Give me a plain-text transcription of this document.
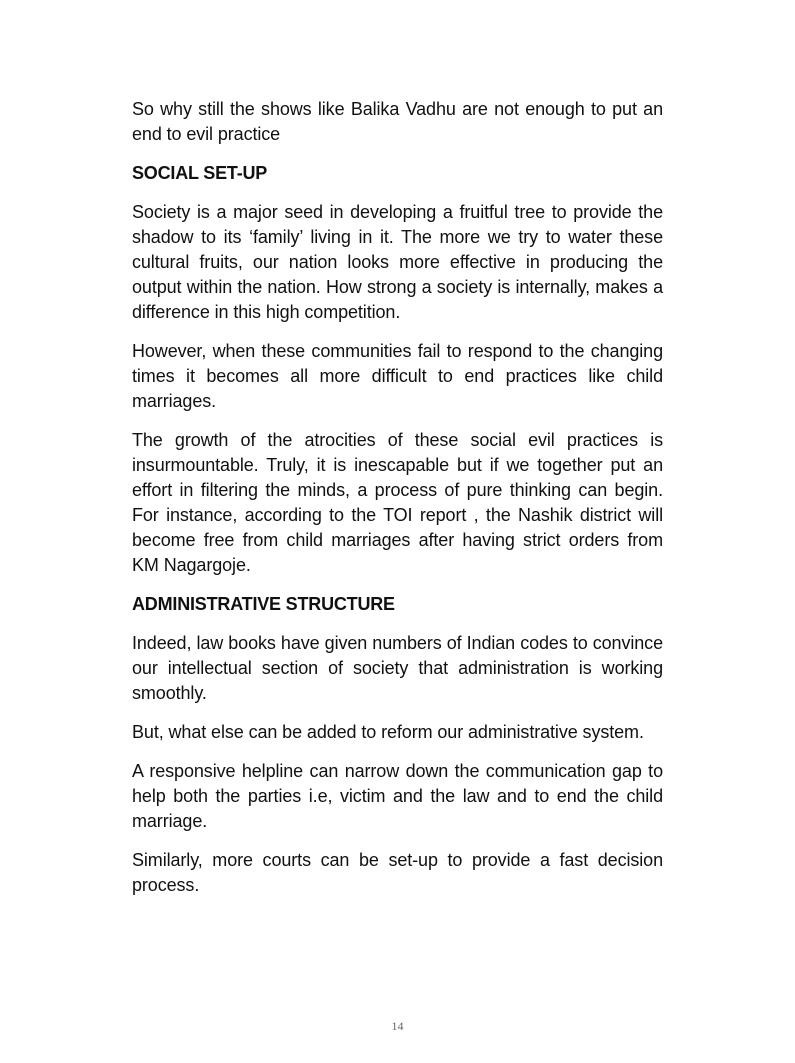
So why still the shows like Balika Vadhu are not enough to put an end to evil practice

SOCIAL SET-UP

Society is a major seed in developing a fruitful tree to provide the shadow to its ‘family’ living in it. The more we try to water these cultural fruits, our nation looks more effective in producing the output within the nation. How strong a society is internally, makes a difference in this high competition.

However, when these communities fail to respond to the changing times it becomes all more difficult to end practices like child marriages.

The growth of the atrocities of these social evil practices is insurmountable. Truly, it is inescapable but if we together put an effort in filtering the minds, a process of pure thinking can begin. For instance, according to the TOI report , the Nashik district will become free from child marriages after having strict orders from KM Nagargoje.

ADMINISTRATIVE STRUCTURE

Indeed, law books have given numbers of Indian codes to convince our intellectual section of society that administration is working smoothly.

But, what else can be added to reform our administrative system.

A responsive helpline can narrow down the communication gap to help both the parties i.e, victim and the law and to end the child marriage.

Similarly, more courts can be set-up to provide a fast decision process.

14
